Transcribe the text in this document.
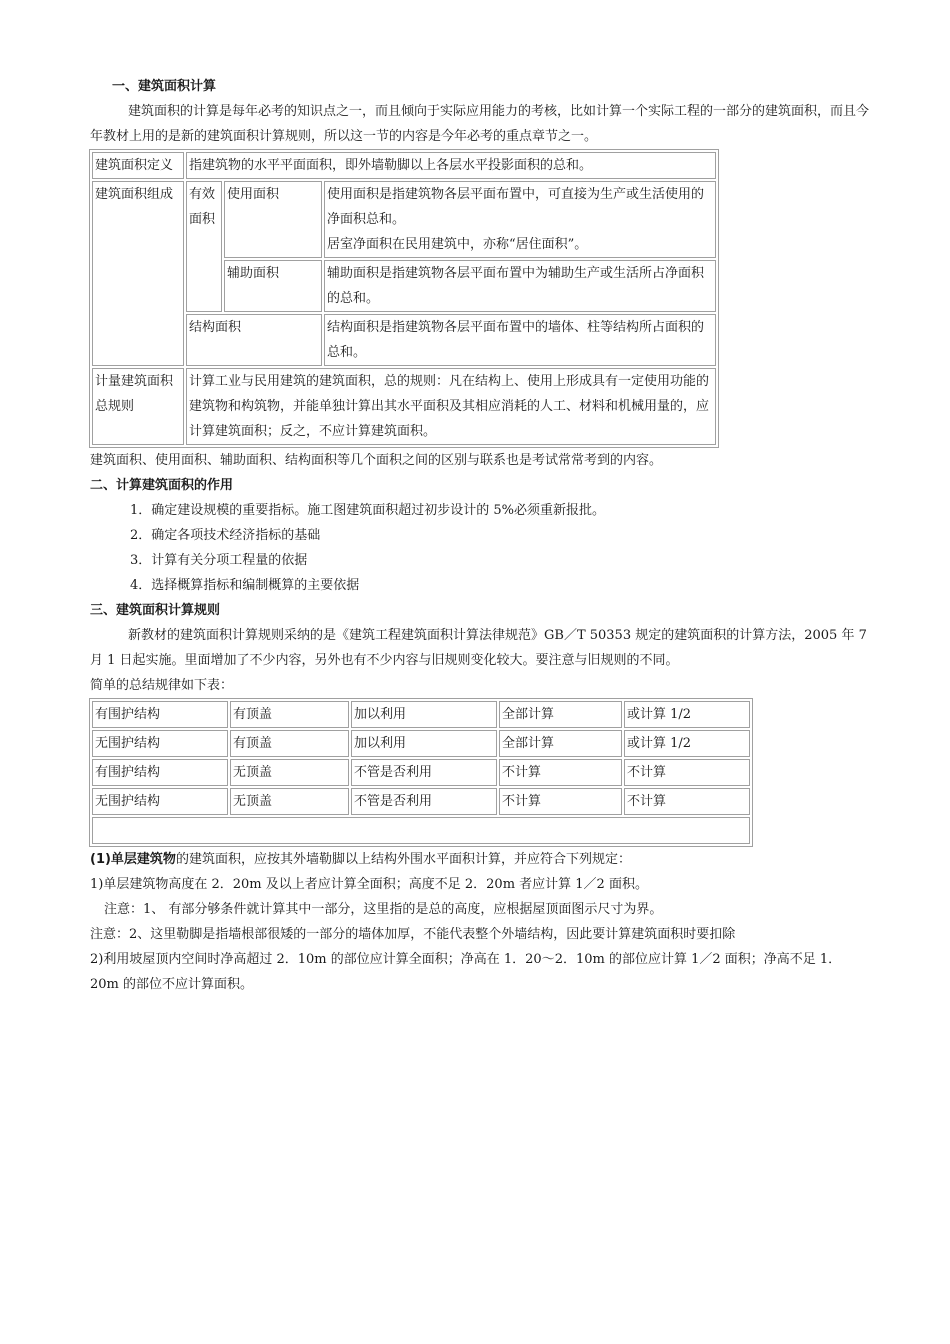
一、建筑面积计算

建筑面积的计算是每年必考的知识点之一，而且倾向于实际应用能力的考核，比如计算一个实际工程的一部分的建筑面积，而且今年教材上用的是新的建筑面积计算规则，所以这一节的内容是今年必考的重点章节之一。

建筑面积定义	指建筑物的水平平面面积，即外墙勒脚以上各层水平投影面积的总和。		
建筑面积组成	有效面积	使用面积	使用面积是指建筑物各层平面布置中，可直接为生产或生活使用的净面积总和。
居室净面积在民用建筑中，亦称“居住面积”。

		辅助面积	辅助面积是指建筑物各层平面布置中为辅助生产或生活所占净面积的总和。
	结构面积		结构面积是指建筑物各层平面布置中的墙体、柱等结构所占面积的总和。
计量建筑面积总规则	计算工业与民用建筑的建筑面积，总的规则：凡在结构上、使用上形成具有一定使用功能的建筑物和构筑物，并能单独计算出其水平面积及其相应消耗的人工、材料和机械用量的，应计算建筑面积；反之，不应计算建筑面积。		

建筑面积、使用面积、辅助面积、结构面积等几个面积之间的区别与联系也是考试常常考到的内容。

二、计算建筑面积的作用
1．确定建设规模的重要指标。施工图建筑面积超过初步设计的 5%必须重新报批。
2．确定各项技术经济指标的基础
3．计算有关分项工程量的依据
4．选择概算指标和编制概算的主要依据
三、建筑面积计算规则

新教材的建筑面积计算规则采纳的是《建筑工程建筑面积计算法律规范》GB／T 50353 规定的建筑面积的计算方法，2005 年 7 月 1 日起实施。里面增加了不少内容，另外也有不少内容与旧规则变化较大。要注意与旧规则的不同。

简单的总结规律如下表：

有围护结构	有顶盖	加以利用	全部计算	或计算 1/2
无围护结构	有顶盖	加以利用	全部计算	或计算 1/2
有围护结构	无顶盖	不管是否利用	不计算	不计算
无围护结构	无顶盖	不管是否利用	不计算	不计算

(1)单层建筑物的建筑面积，应按其外墙勒脚以上结构外围水平面积计算，并应符合下列规定：

1)单层建筑物高度在 2．20m 及以上者应计算全面积；高度不足 2．20m 者应计算 1／2 面积。

注意：1、 有部分够条件就计算其中一部分，这里指的是总的高度，应根据屋顶面图示尺寸为界。

注意：2、这里勒脚是指墙根部很矮的一部分的墙体加厚，不能代表整个外墙结构，因此要计算建筑面积时要扣除

2)利用坡屋顶内空间时净高超过 2．10m 的部位应计算全面积；净高在 1．20～2．10m 的部位应计算 1／2 面积；净高不足 1．20m 的部位不应计算面积。
